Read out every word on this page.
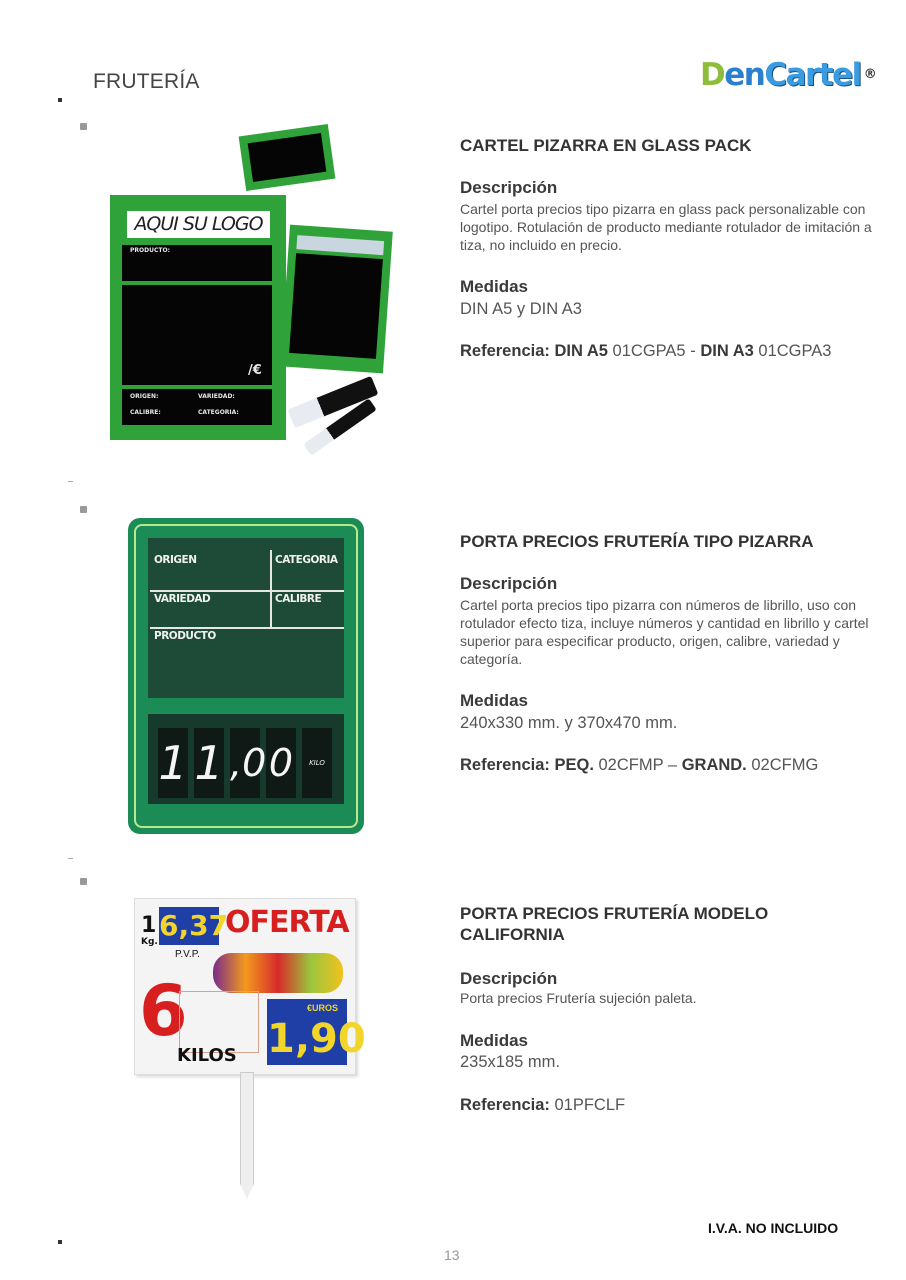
FRUTERÍA	DenCartel ®
AQUI SU LOGO
PRODUCTO:
/€
ORIGEN:	VARIEDAD:
CALIBRE:	CATEGORIA:
CARTEL PIZARRA EN GLASS PACK
Descripción
Cartel porta precios tipo pizarra en glass pack personalizable con logotipo. Rotulación de producto mediante rotulador de imitación a tiza, no incluido en precio.
Medidas
DIN A5 y DIN A3
Referencia: DIN A5 01CGPA5 - DIN A3 01CGPA3
ORIGEN	CATEGORIA
VARIEDAD	CALIBRE
PRODUCTO
1 1 ,0 0	KILO
PORTA PRECIOS FRUTERÍA TIPO PIZARRA
Descripción
Cartel porta precios tipo pizarra con números de librillo, uso con rotulador efecto tiza, incluye números y cantidad en librillo y cartel superior para especificar producto, origen, calibre, variedad y categoría.
Medidas
240x330 mm. y 370x470 mm.
Referencia: PEQ. 02CFMP – GRAND. 02CFMG
1
Kg. 6,37
OFERTA
P.V.P.
6
KILOS 1,90
€UROS
PORTA PRECIOS FRUTERÍA MODELO CALIFORNIA
Descripción
Porta precios Frutería sujeción paleta.
Medidas
235x185 mm.
Referencia: 01PFCLF
I.V.A. NO INCLUIDO
13
